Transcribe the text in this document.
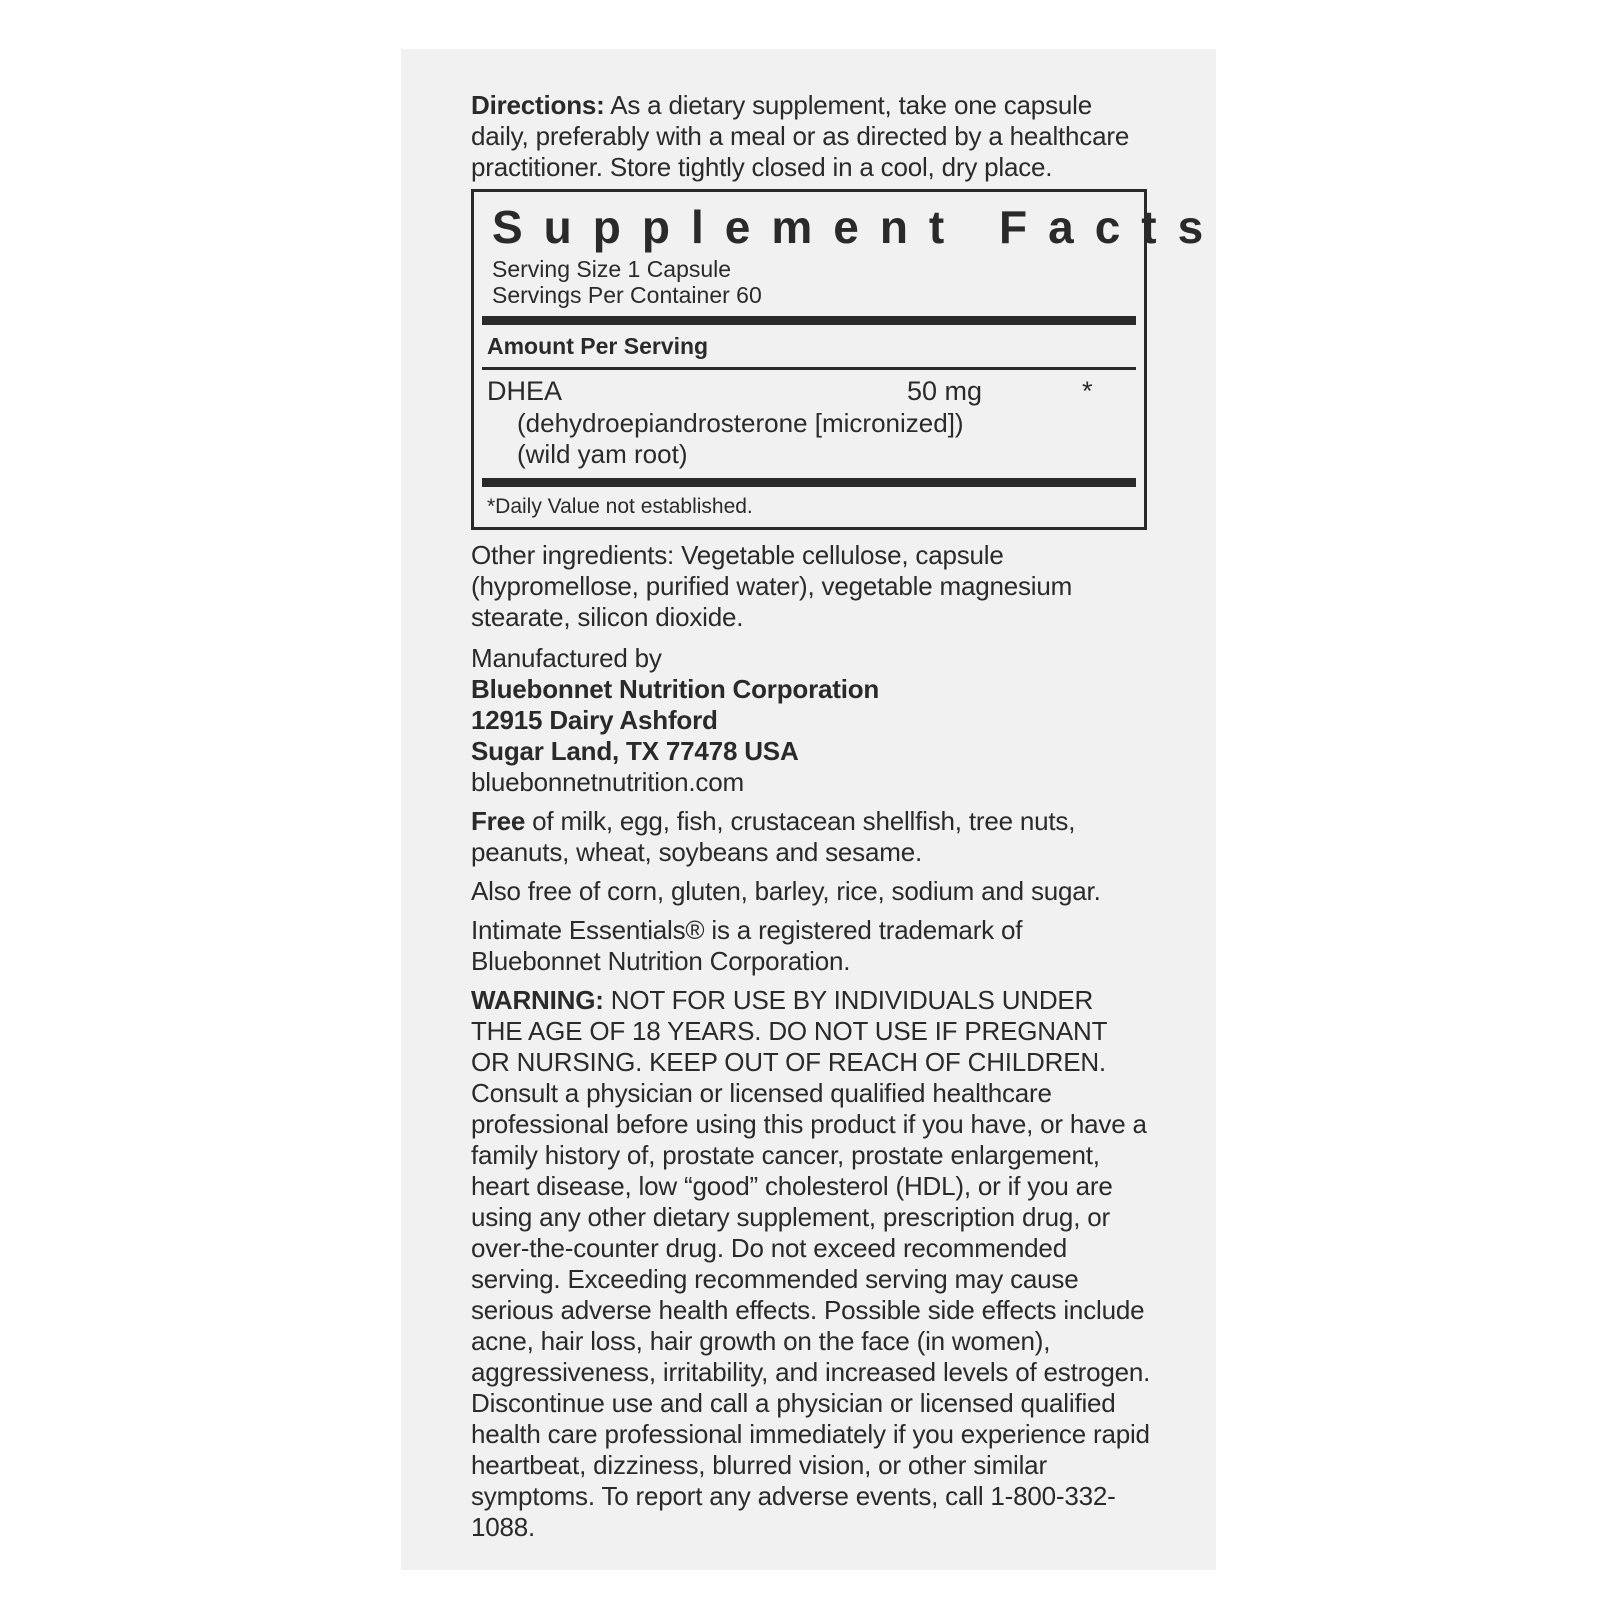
Directions: As a dietary supplement, take one capsule daily, preferably with a meal or as directed by a healthcare practitioner. Store tightly closed in a cool, dry place.

Supplement Facts
Serving Size 1 Capsule
Servings Per Container 60
Amount Per Serving
DHEA	50 mg	*
(dehydroepiandrosterone [micronized])
(wild yam root)
*Daily Value not established.

Other ingredients: Vegetable cellulose, capsule (hypromellose, purified water), vegetable magnesium stearate, silicon dioxide.

Manufactured by

Bluebonnet Nutrition Corporation

12915 Dairy Ashford

Sugar Land, TX 77478 USA

bluebonnetnutrition.com

Free of milk, egg, fish, crustacean shellfish, tree nuts, peanuts, wheat, soybeans and sesame.

Also free of corn, gluten, barley, rice, sodium and sugar.

Intimate Essentials® is a registered trademark of Bluebonnet Nutrition Corporation.

WARNING: NOT FOR USE BY INDIVIDUALS UNDER THE AGE OF 18 YEARS. DO NOT USE IF PREGNANT OR NURSING. KEEP OUT OF REACH OF CHILDREN.

Consult a physician or licensed qualified healthcare professional before using this product if you have, or have a family history of, prostate cancer, prostate enlargement, heart disease, low “good” cholesterol (HDL), or if you are using any other dietary supplement, prescription drug, or over-the-counter drug. Do not exceed recommended serving. Exceeding recommended serving may cause serious adverse health effects. Possible side effects include acne, hair loss, hair growth on the face (in women), aggressiveness, irritability, and increased levels of estrogen. Discontinue use and call a physician or licensed qualified health care professional immediately if you experience rapid heartbeat, dizziness, blurred vision, or other similar symptoms. To report any adverse events, call 1-800-332-1088.
